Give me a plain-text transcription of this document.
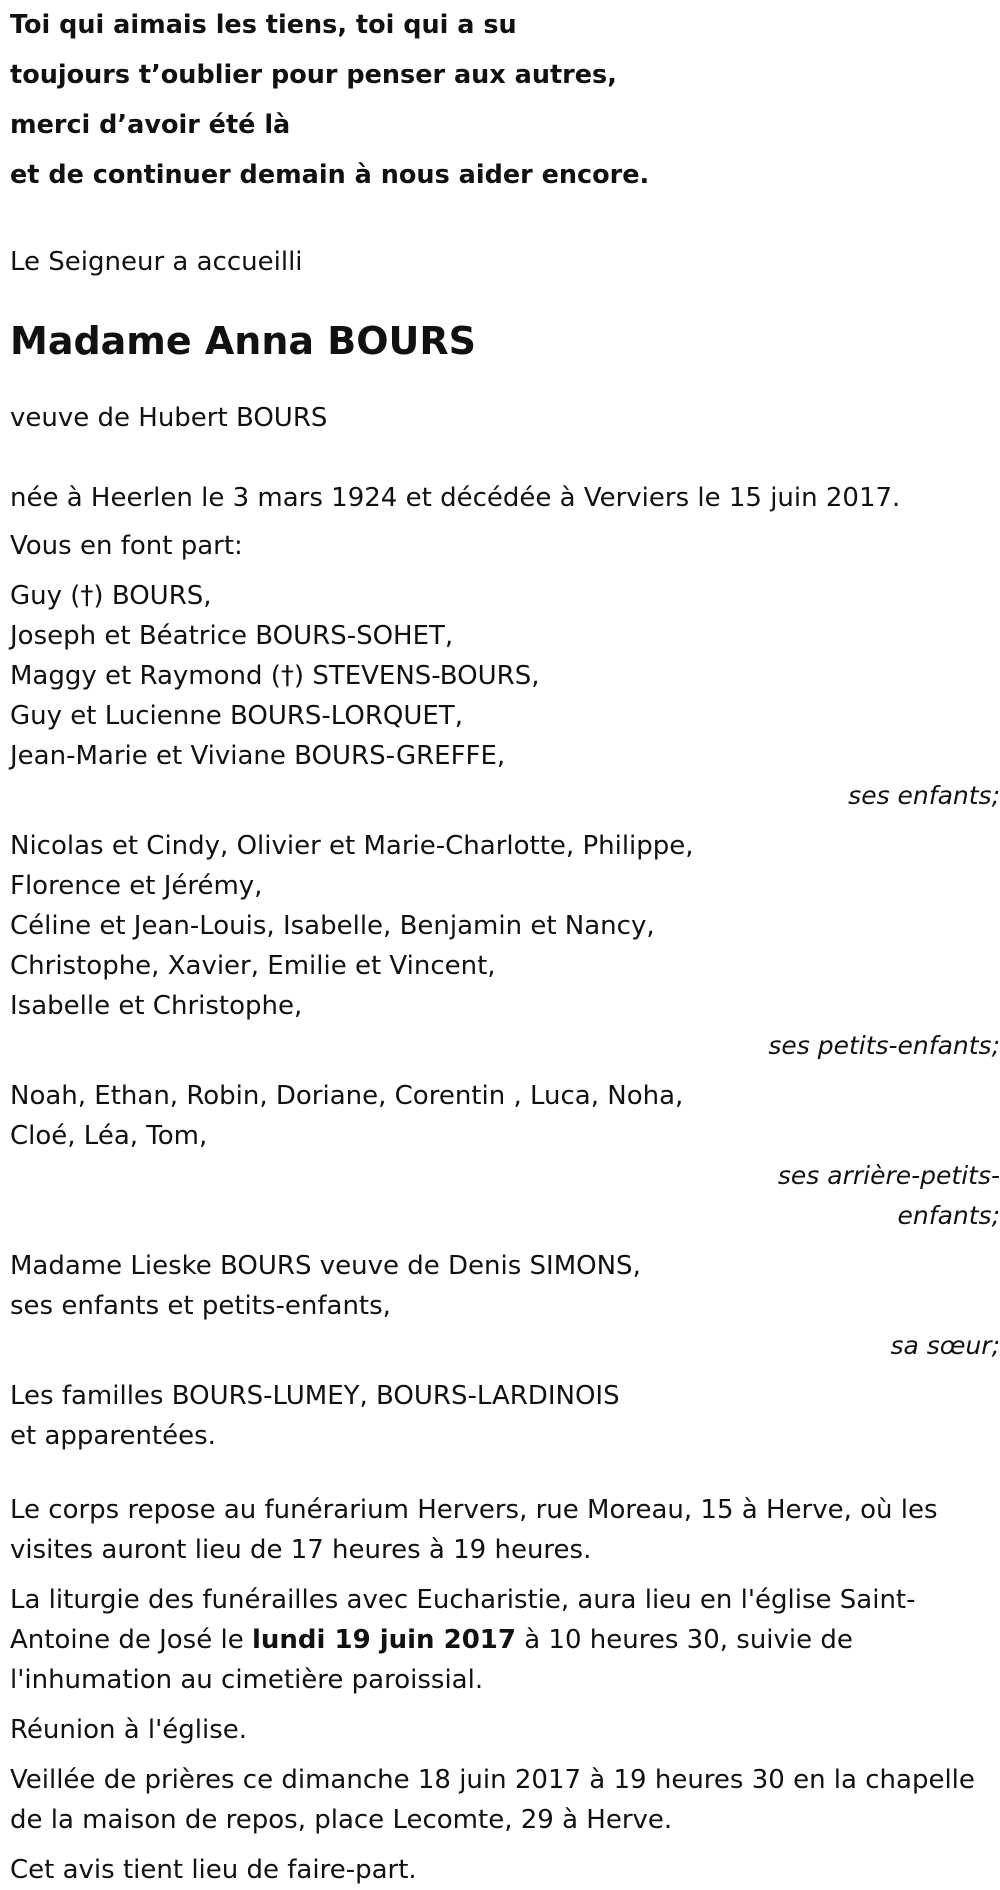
Toi qui aimais les tiens, toi qui a su
toujours t’oublier pour penser aux autres,
merci d’avoir été là
et de continuer demain à nous aider encore.
Le Seigneur a accueilli
Madame Anna BOURS
veuve de Hubert BOURS
née à Heerlen le 3 mars 1924 et décédée à Verviers le 15 juin 2017.
Vous en font part:
Guy (†) BOURS,
Joseph et Béatrice BOURS-SOHET,
Maggy et Raymond (†) STEVENS-BOURS,
Guy et Lucienne BOURS-LORQUET,
Jean-Marie et Viviane BOURS-GREFFE,
ses enfants;
Nicolas et Cindy, Olivier et Marie-Charlotte, Philippe,
Florence et Jérémy,
Céline et Jean-Louis, Isabelle, Benjamin et Nancy,
Christophe, Xavier, Emilie et Vincent,
Isabelle et Christophe,
ses petits-enfants;
Noah, Ethan, Robin, Doriane, Corentin , Luca, Noha,
Cloé, Léa, Tom,
ses arrière-petits-
enfants;
Madame Lieske BOURS veuve de Denis SIMONS,
ses enfants et petits-enfants,
sa sœur;
Les familles BOURS-LUMEY, BOURS-LARDINOIS
et apparentées.
Le corps repose au funérarium Hervers, rue Moreau, 15 à Herve, où les visites auront lieu de 17 heures à 19 heures.
La liturgie des funérailles avec Eucharistie, aura lieu en l'église Saint-Antoine de José le lundi 19 juin 2017 à 10 heures 30, suivie de l'inhumation au cimetière paroissial.
Réunion à l'église.
Veillée de prières ce dimanche 18 juin 2017 à 19 heures 30 en la chapelle de la maison de repos, place Lecomte, 29 à Herve.
Cet avis tient lieu de faire-part.
